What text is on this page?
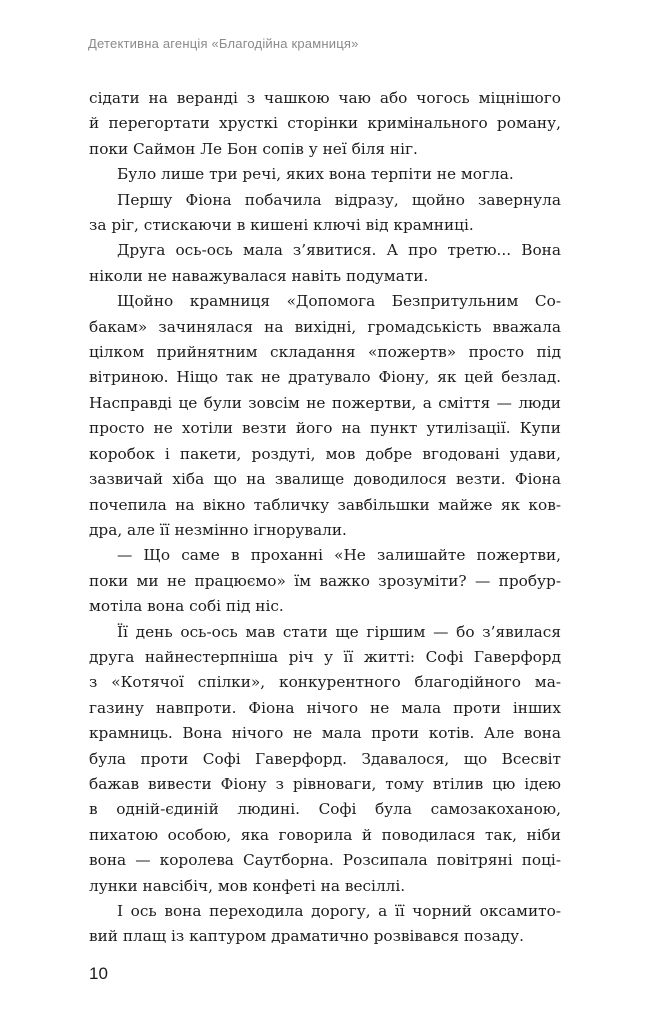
Детективна агенція «Благодійна крамниця»
сідати на веранді з чашкою чаю або чогось міцнішого
й перегортати хрусткі сторінки кримінального роману,
поки Саймон Ле Бон сопів у неї біля ніг.
Було лише три речі, яких вона терпіти не могла.
Першу Фіона побачила відразу, щойно завернула
за ріг, стискаючи в кишені ключі від крамниці.
Друга ось-ось мала з’явитися. А про третю... Вона
ніколи не наважувалася навіть подумати.
Щойно крамниця «Допомога Безпритульним Со-
бакам» зачинялася на вихідні, громадськість вважала
цілком прийнятним складання «пожертв» просто під
вітриною. Ніщо так не дратувало Фіону, як цей безлад.
Насправді це були зовсім не пожертви, а сміття — люди
просто не хотіли везти його на пункт утилізації. Купи
коробок і пакети, роздуті, мов добре вгодовані удави,
зазвичай хіба що на звалище доводилося везти. Фіона
почепила на вікно табличку завбільшки майже як ков-
дра, але її незмінно ігнорували.
— Що саме в проханні «Не залишайте пожертви,
поки ми не працюємо» їм важко зрозуміти? — пробур-
мотіла вона собі під ніс.
Її день ось-ось мав стати ще гіршим — бо з’явилася
друга найнестерпніша річ у її житті: Софі Гаверфорд
з «Котячої спілки», конкурентного благодійного ма-
газину навпроти. Фіона нічого не мала проти інших
крамниць. Вона нічого не мала проти котів. Але вона
була проти Софі Гаверфорд. Здавалося, що Всесвіт
бажав вивести Фіону з рівноваги, тому втілив цю ідею
в одній-єдиній людині. Софі була самозакоханою,
пихатою особою, яка говорила й поводилася так, ніби
вона — королева Саутборна. Розсипала повітряні поці-
лунки навсібіч, мов конфеті на весіллі.
І ось вона переходила дорогу, а її чорний оксамито-
вий плащ із каптуром драматично розвівався позаду.
10
